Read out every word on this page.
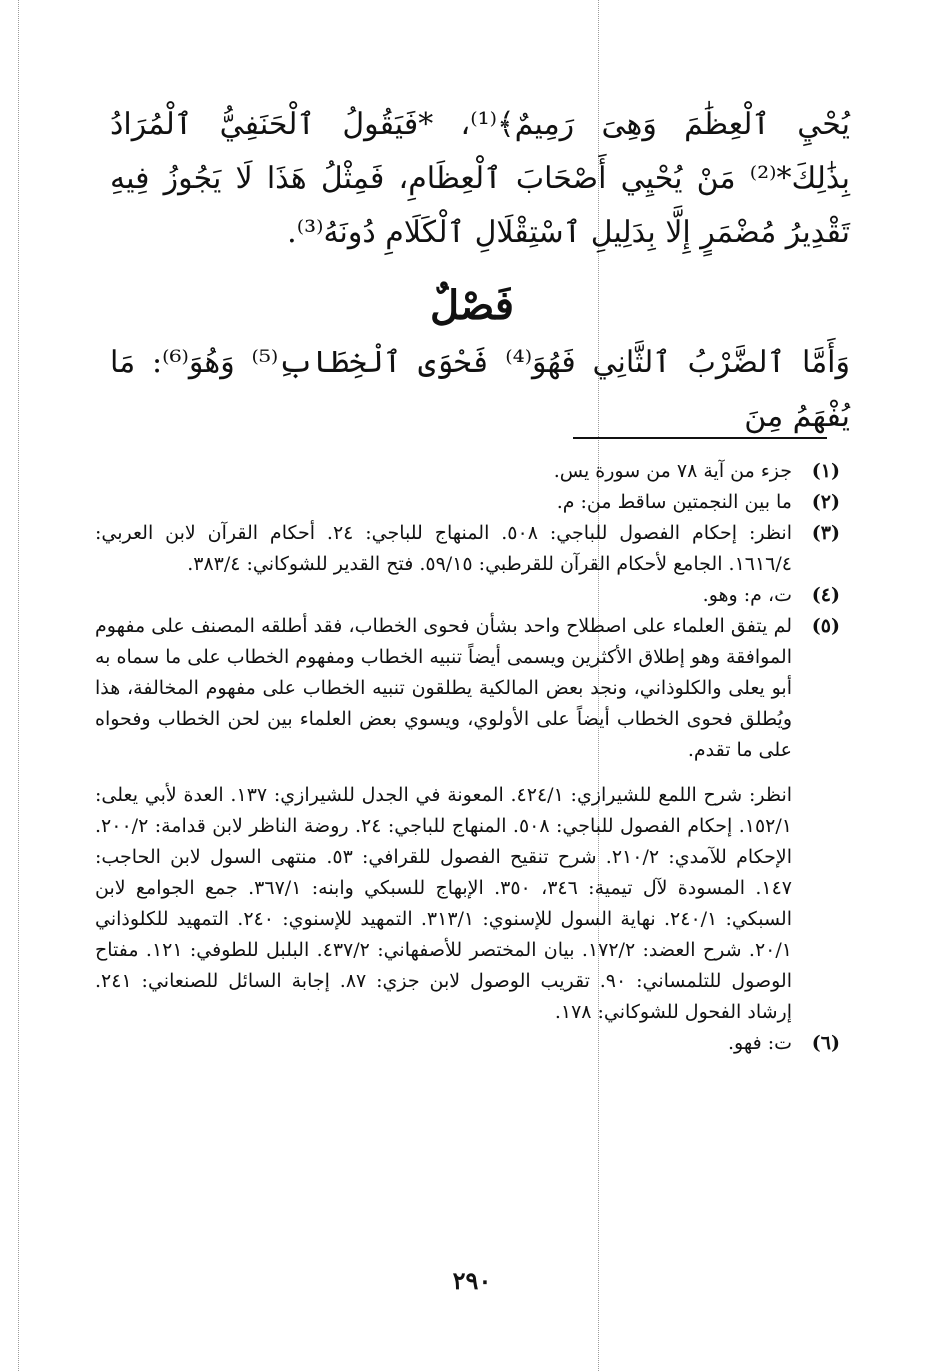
يُحْيِ ٱلْعِظَٰمَ وَهِىَ رَمِيمٌ﴾⁽¹⁾، *فَيَقُولُ ٱلْحَنَفِيُّ ٱلْمُرَادُ بِذَٰلِكَ*⁽²⁾ مَنْ يُحْيِي أَصْحَابَ ٱلْعِظَامِ، فَمِثْلُ هَذَا لَا يَجُوزُ فِيهِ تَقْدِيرُ مُضْمَرٍ إِلَّا بِدَلِيلِ ٱسْتِقْلَالِ ٱلْكَلَامِ دُونَهُ⁽³⁾.
فَصْلٌ
وَأَمَّا ٱلضَّرْبُ ٱلثَّانِي فَهُوَ⁽⁴⁾ فَحْوَى ٱلْخِطَابِ⁽⁵⁾ وَهُوَ⁽⁶⁾: مَا يُفْهَمُ مِنَ
(١)
جزء من آية ٧٨ من سورة يس.
(٢)
ما بين النجمتين ساقط من: م.
(٣)
انظر: إحكام الفصول للباجي: ٥٠٨. المنهاج للباجي: ٢٤. أحكام القرآن لابن العربي: ١٦١٦/٤. الجامع لأحكام القرآن للقرطبي: ٥٩/١٥. فتح القدير للشوكاني: ٣٨٣/٤.
(٤)
ت، م: وهو.
(٥)
لم يتفق العلماء على اصطلاح واحد بشأن فحوى الخطاب، فقد أطلقه المصنف على مفهوم الموافقة وهو إطلاق الأكثرين ويسمى أيضاً تنبيه الخطاب ومفهوم الخطاب على ما سماه به أبو يعلى والكلوذاني، ونجد بعض المالكية يطلقون تنبيه الخطاب على مفهوم المخالفة، هذا ويُطلق فحوى الخطاب أيضاً على الأولوي، ويسوي بعض العلماء بين لحن الخطاب وفحواه على ما تقدم.
انظر: شرح اللمع للشيرازي: ٤٢٤/١. المعونة في الجدل للشيرازي: ١٣٧. العدة لأبي يعلى: ١٥٢/١. إحكام الفصول للباجي: ٥٠٨. المنهاج للباجي: ٢٤. روضة الناظر لابن قدامة: ٢٠٠/٢. الإحكام للآمدي: ٢١٠/٢. شرح تنقيح الفصول للقرافي: ٥٣. منتهى السول لابن الحاجب: ١٤٧. المسودة لآل تيمية: ٣٤٦، ٣٥٠. الإبهاج للسبكي وابنه: ٣٦٧/١. جمع الجوامع لابن السبكي: ٢٤٠/١. نهاية السول للإسنوي: ٣١٣/١. التمهيد للإسنوي: ٢٤٠. التمهيد للكلوذاني ٢٠/١. شرح العضد: ١٧٢/٢. بيان المختصر للأصفهاني: ٤٣٧/٢. البلبل للطوفي: ١٢١. مفتاح الوصول للتلمساني: ٩٠. تقريب الوصول لابن جزي: ٨٧. إجابة السائل للصنعاني: ٢٤١. إرشاد الفحول للشوكاني: ١٧٨.
(٦)
ت: فهو.
٢٩٠
